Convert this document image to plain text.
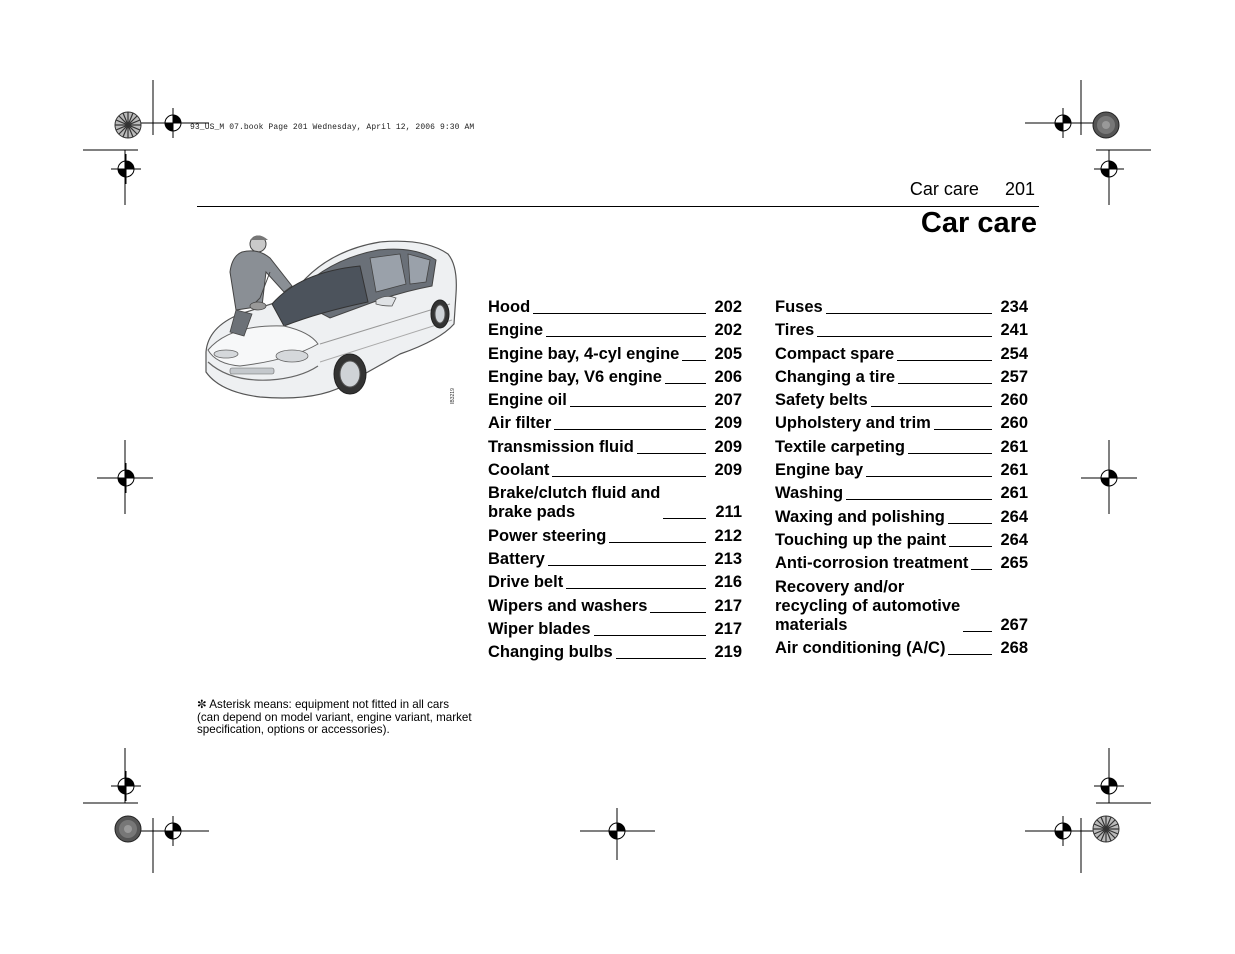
93_US_M 07.book Page 201 Wednesday, April 12, 2006 9:30 AM
Car care 201
Car care
IB3219
Hood	202
Engine	202
Engine bay, 4-cyl engine 205
Engine bay, V6 engine	206
Engine oil	207
Air filter	209
Transmission fluid	209
Coolant	209
Brake/clutch fluid and
brake pads	211
Power steering	212
Battery	213
Drive belt	216
Wipers and washers	217
Wiper blades	217
Changing bulbs	219
Fuses	234
Tires	241
Compact spare	254
Changing a tire	257
Safety belts	260
Upholstery and trim	260
Textile carpeting	261
Engine bay	261
Washing	261
Waxing and polishing	264
Touching up the paint	264
Anti-corrosion treatment 265
Recovery and/or
recycling of automotive
materials	267
Air conditioning (A/C)	268
✼ Asterisk means: equipment not fitted in all cars (can depend on model variant, engine variant, market specification, options or accessories).
